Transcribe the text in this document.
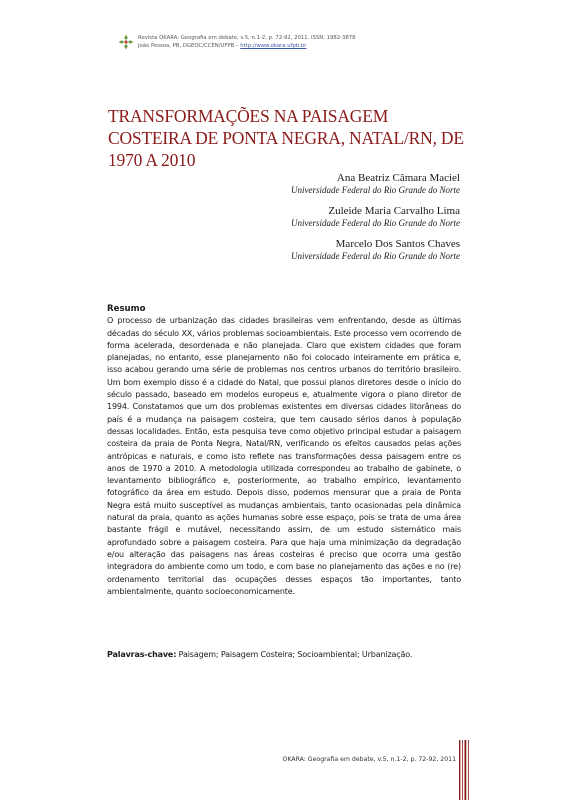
Revista OKARA: Geografia em debate, v.5, n.1-2, p. 72-92, 2011. ISSN: 1982-3878
João Pessoa, PB, DGEOC/CCEN/UFPB – http://www.okara.ufpb.br
TRANSFORMAÇÕES NA PAISAGEM COSTEIRA DE PONTA NEGRA, NATAL/RN, DE 1970 A 2010
Ana Beatriz Câmara Maciel
Universidade Federal do Rio Grande do Norte
Zuleide Maria Carvalho Lima
Universidade Federal do Rio Grande do Norte
Marcelo Dos Santos Chaves
Universidade Federal do Rio Grande do Norte
Resumo
O processo de urbanização das cidades brasileiras vem enfrentando, desde as últimas décadas do século XX, vários problemas socioambientais. Este processo vem ocorrendo de forma acelerada, desordenada e não planejada. Claro que existem cidades que foram planejadas, no entanto, esse planejamento não foi colocado inteiramente em prática e, isso acabou gerando uma série de problemas nos centros urbanos do território brasileiro. Um bom exemplo disso é a cidade do Natal, que possui planos diretores desde o início do século passado, baseado em modelos europeus e, atualmente vigora o plano diretor de 1994. Constatamos que um dos problemas existentes em diversas cidades litorâneas do país é a mudança na paisagem costeira, que tem causado sérios danos à população dessas localidades. Então, esta pesquisa teve como objetivo principal estudar a paisagem costeira da praia de Ponta Negra, Natal/RN, verificando os efeitos causados pelas ações antrópicas e naturais, e como isto reflete nas transformações dessa paisagem entre os anos de 1970 a 2010. A metodologia utilizada correspondeu ao trabalho de gabinete, o levantamento bibliográfico e, posteriormente, ao trabalho empírico, levantamento fotográfico da área em estudo. Depois disso, podemos mensurar que a praia de Ponta Negra está muito susceptível as mudanças ambientais, tanto ocasionadas pela dinâmica natural da praia, quanto as ações humanas sobre esse espaço, pois se trata de uma área bastante frágil e mutável, necessitando assim, de um estudo sistemático mais aprofundado sobre a paisagem costeira. Para que haja uma minimização da degradação e/ou alteração das paisagens nas áreas costeiras é preciso que ocorra uma gestão integradora do ambiente como um todo, e com base no planejamento das ações e no (re) ordenamento territorial das ocupações desses espaços tão importantes, tanto ambientalmente, quanto socioeconomicamente.
Palavras-chave: Paisagem; Paisagem Costeira; Socioambiental; Urbanização.
OKARA: Geografia em debate, v.5, n.1-2, p. 72-92, 2011
